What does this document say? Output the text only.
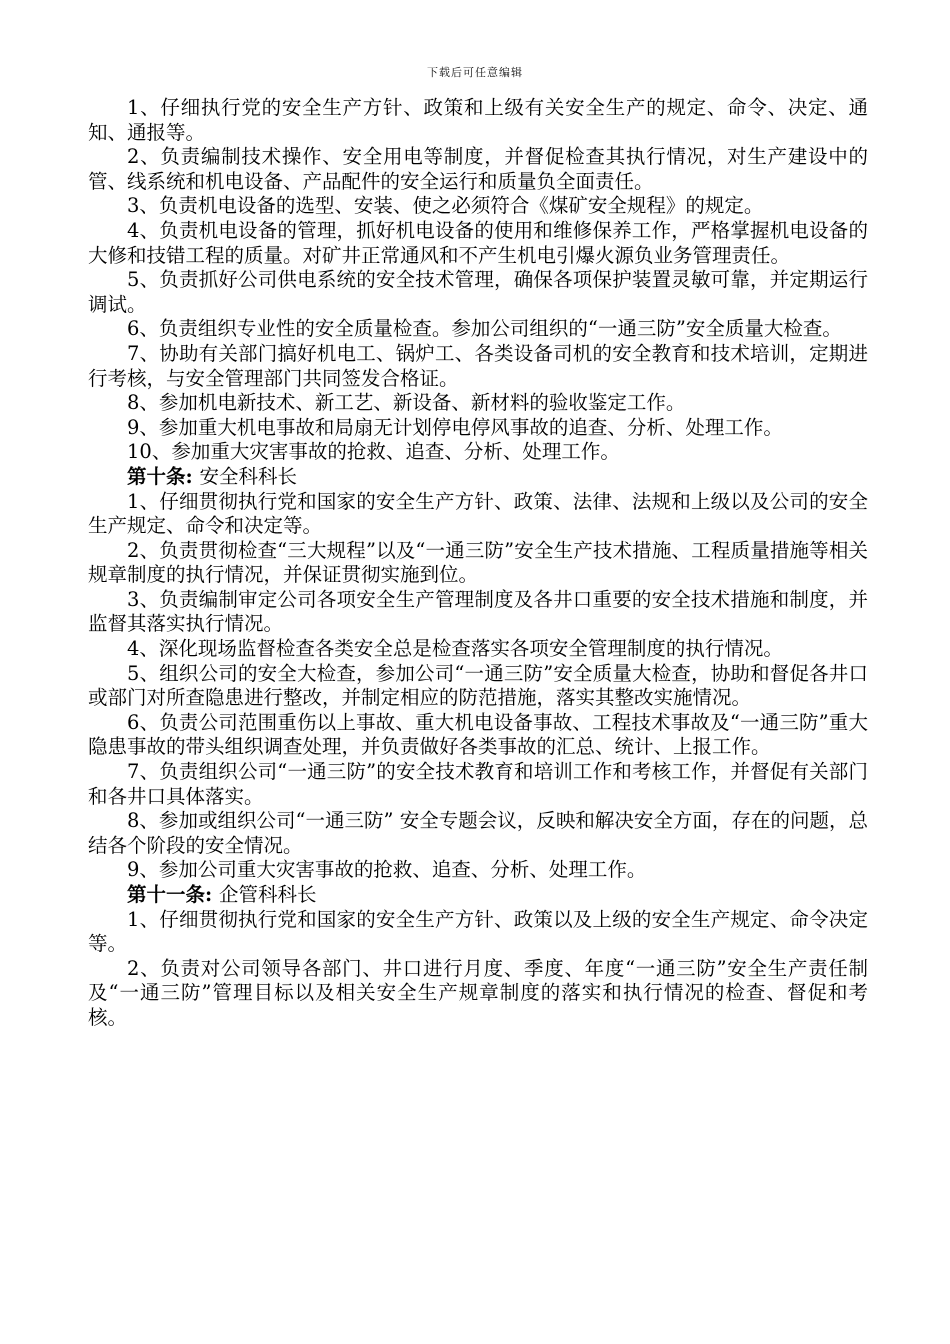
下载后可任意编辑

1、仔细执行党的安全生产方针、政策和上级有关安全生产的规定、命令、决定、通知、通报等。

2、负责编制技术操作、安全用电等制度，并督促检查其执行情况，对生产建设中的管、线系统和机电设备、产品配件的安全运行和质量负全面责任。

3、负责机电设备的选型、安装、使之必须符合《煤矿安全规程》的规定。

4、负责机电设备的管理，抓好机电设备的使用和维修保养工作，严格掌握机电设备的大修和技错工程的质量。对矿井正常通风和不产生机电引爆火源负业务管理责任。

5、负责抓好公司供电系统的安全技术管理，确保各项保护装置灵敏可靠，并定期运行调试。

6、负责组织专业性的安全质量检查。参加公司组织的“一通三防”安全质量大检查。

7、协助有关部门搞好机电工、锅炉工、各类设备司机的安全教育和技术培训，定期进行考核，与安全管理部门共同签发合格证。

8、参加机电新技术、新工艺、新设备、新材料的验收鉴定工作。

9、参加重大机电事故和局扇无计划停电停风事故的追查、分析、处理工作。

10、参加重大灾害事故的抢救、追查、分析、处理工作。

第十条: 安全科科长

1、仔细贯彻执行党和国家的安全生产方针、政策、法律、法规和上级以及公司的安全生产规定、命令和决定等。

2、负责贯彻检查“三大规程”以及“一通三防”安全生产技术措施、工程质量措施等相关规章制度的执行情况，并保证贯彻实施到位。

3、负责编制审定公司各项安全生产管理制度及各井口重要的安全技术措施和制度，并监督其落实执行情况。

4、深化现场监督检查各类安全总是检查落实各项安全管理制度的执行情况。

5、组织公司的安全大检查，参加公司“一通三防”安全质量大检查，协助和督促各井口或部门对所查隐患进行整改，并制定相应的防范措施，落实其整改实施情况。

6、负责公司范围重伤以上事故、重大机电设备事故、工程技术事故及“一通三防”重大隐患事故的带头组织调查处理，并负责做好各类事故的汇总、统计、上报工作。

7、负责组织公司“一通三防”的安全技术教育和培训工作和考核工作，并督促有关部门和各井口具体落实。

8、参加或组织公司“一通三防” 安全专题会议，反映和解决安全方面，存在的问题，总结各个阶段的安全情况。

9、参加公司重大灾害事故的抢救、追查、分析、处理工作。

第十一条: 企管科科长

1、仔细贯彻执行党和国家的安全生产方针、政策以及上级的安全生产规定、命令决定等。

2、负责对公司领导各部门、井口进行月度、季度、年度“一通三防”安全生产责任制及“一通三防”管理目标以及相关安全生产规章制度的落实和执行情况的检查、督促和考核。
